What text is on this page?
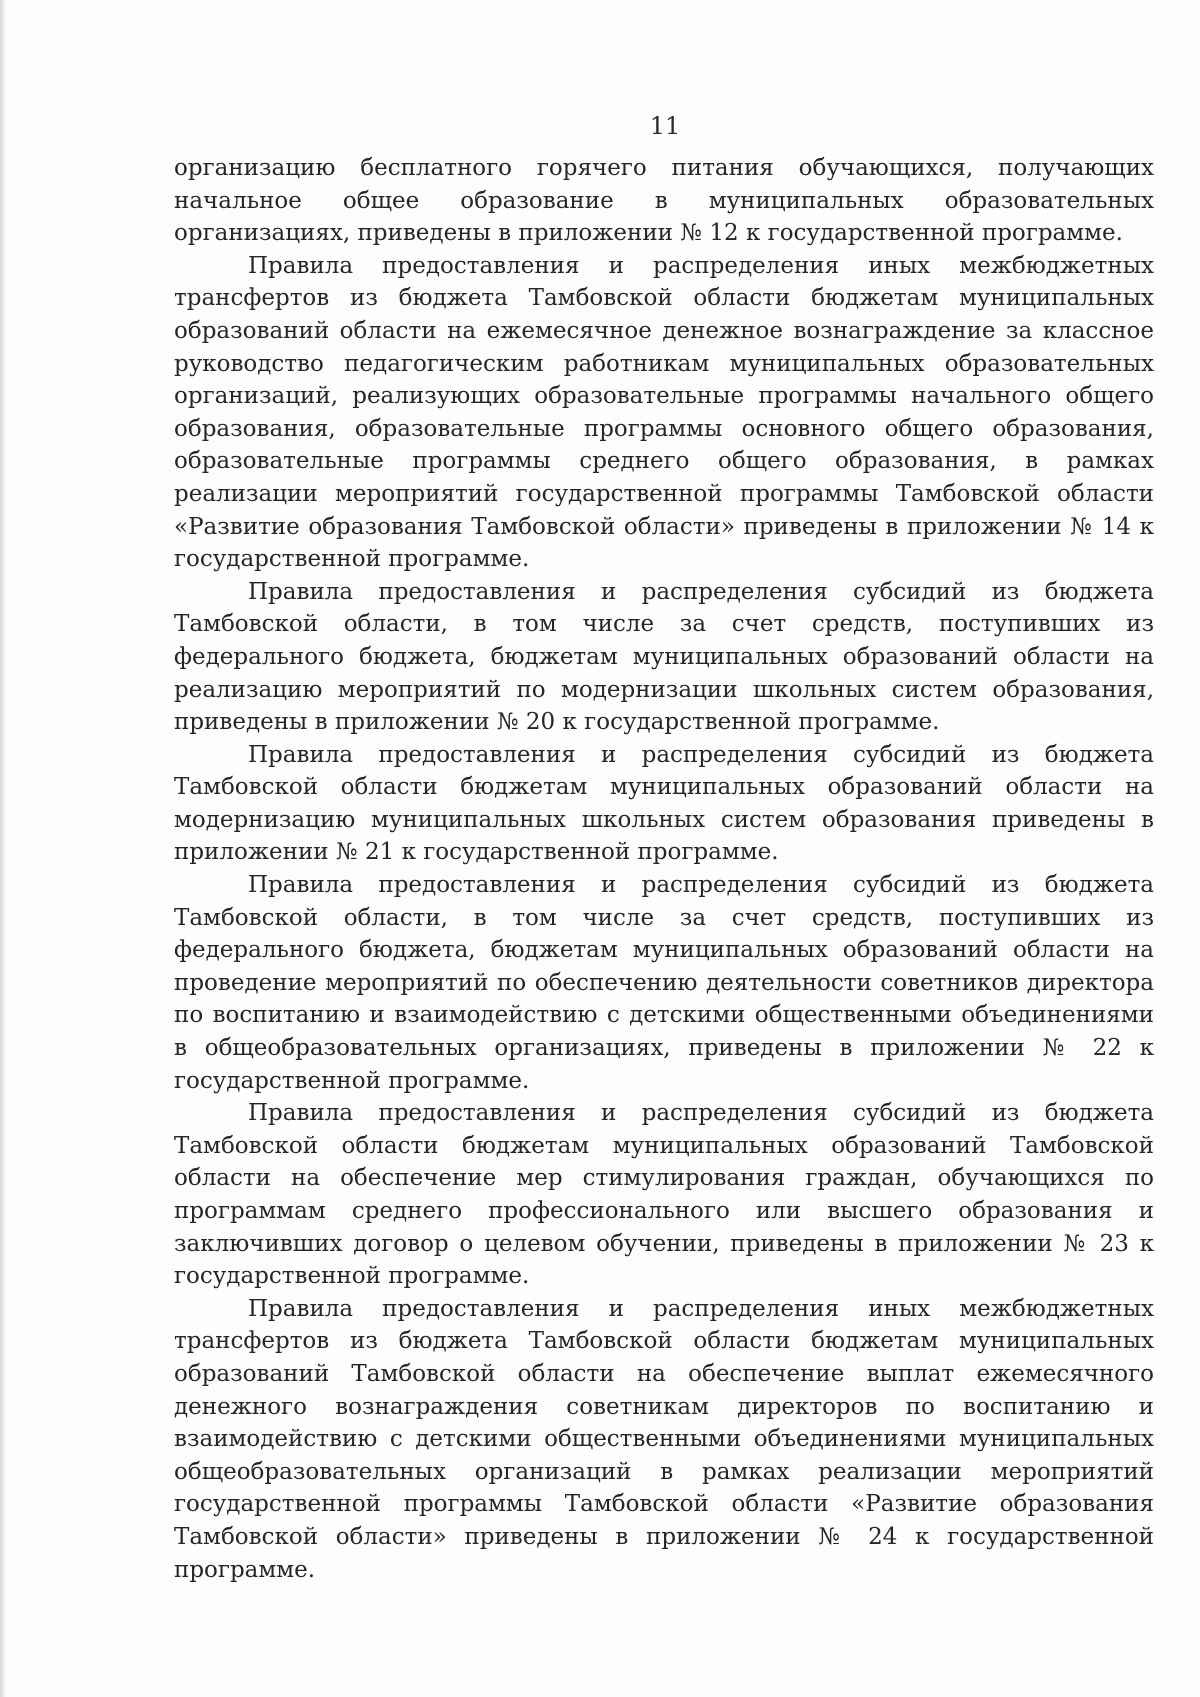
11

организацию бесплатного горячего питания обучающихся, получающих начальное общее образование в муниципальных образовательных организациях, приведены в приложении № 12 к государственной программе.

Правила предоставления и распределения иных межбюджетных трансфертов из бюджета Тамбовской области бюджетам муниципальных образований области на ежемесячное денежное вознаграждение за классное руководство педагогическим работникам муниципальных образовательных организаций, реализующих образовательные программы начального общего образования, образовательные программы основного общего образования, образовательные программы среднего общего образования, в рамках реализации мероприятий государственной программы Тамбовской области «Развитие образования Тамбовской области» приведены в приложении № 14 к государственной программе.

Правила предоставления и распределения субсидий из бюджета Тамбовской области, в том числе за счет средств, поступивших из федерального бюджета, бюджетам муниципальных образований области на реализацию мероприятий по модернизации школьных систем образования, приведены в приложении № 20 к государственной программе.

Правила предоставления и распределения субсидий из бюджета Тамбовской области бюджетам муниципальных образований области на модернизацию муниципальных школьных систем образования приведены в приложении № 21 к государственной программе.

Правила предоставления и распределения субсидий из бюджета Тамбовской области, в том числе за счет средств, поступивших из федерального бюджета, бюджетам муниципальных образований области на проведение мероприятий по обеспечению деятельности советников директора по воспитанию и взаимодействию с детскими общественными объединениями в общеобразовательных организациях, приведены в приложении № 22 к государственной программе.

Правила предоставления и распределения субсидий из бюджета Тамбовской области бюджетам муниципальных образований Тамбовской области на обеспечение мер стимулирования граждан, обучающихся по программам среднего профессионального или высшего образования и заключивших договор о целевом обучении, приведены в приложении № 23 к государственной программе.

Правила предоставления и распределения иных межбюджетных трансфертов из бюджета Тамбовской области бюджетам муниципальных образований Тамбовской области на обеспечение выплат ежемесячного денежного вознаграждения советникам директоров по воспитанию и взаимодействию с детскими общественными объединениями муниципальных общеобразовательных организаций в рамках реализации мероприятий государственной программы Тамбовской области «Развитие образования Тамбовской области» приведены в приложении № 24 к государственной программе.
